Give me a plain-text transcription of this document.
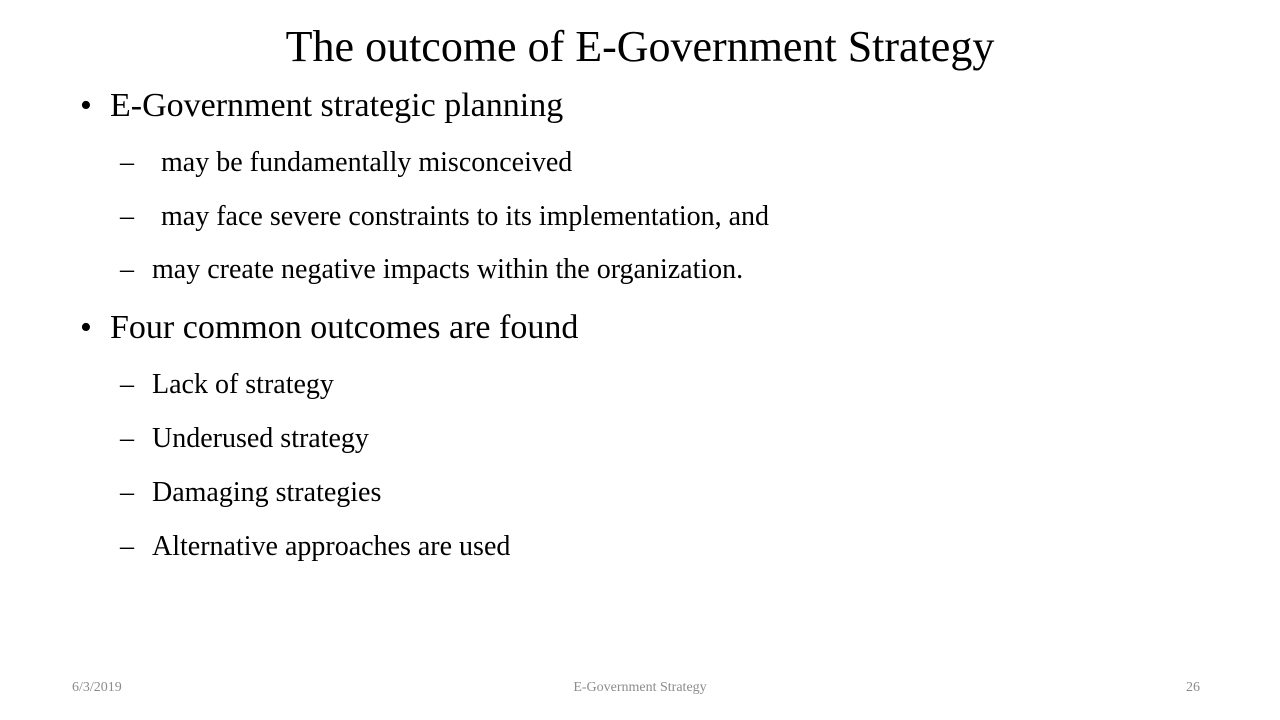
The outcome of E-Government Strategy
• E-Government strategic planning
– may be fundamentally misconceived
– may face severe constraints to its implementation, and
– may create negative impacts within the organization.
• Four common outcomes are found
– Lack of strategy
– Underused strategy
– Damaging strategies
– Alternative approaches are used
E-Government Strategy
6/3/2019	26
